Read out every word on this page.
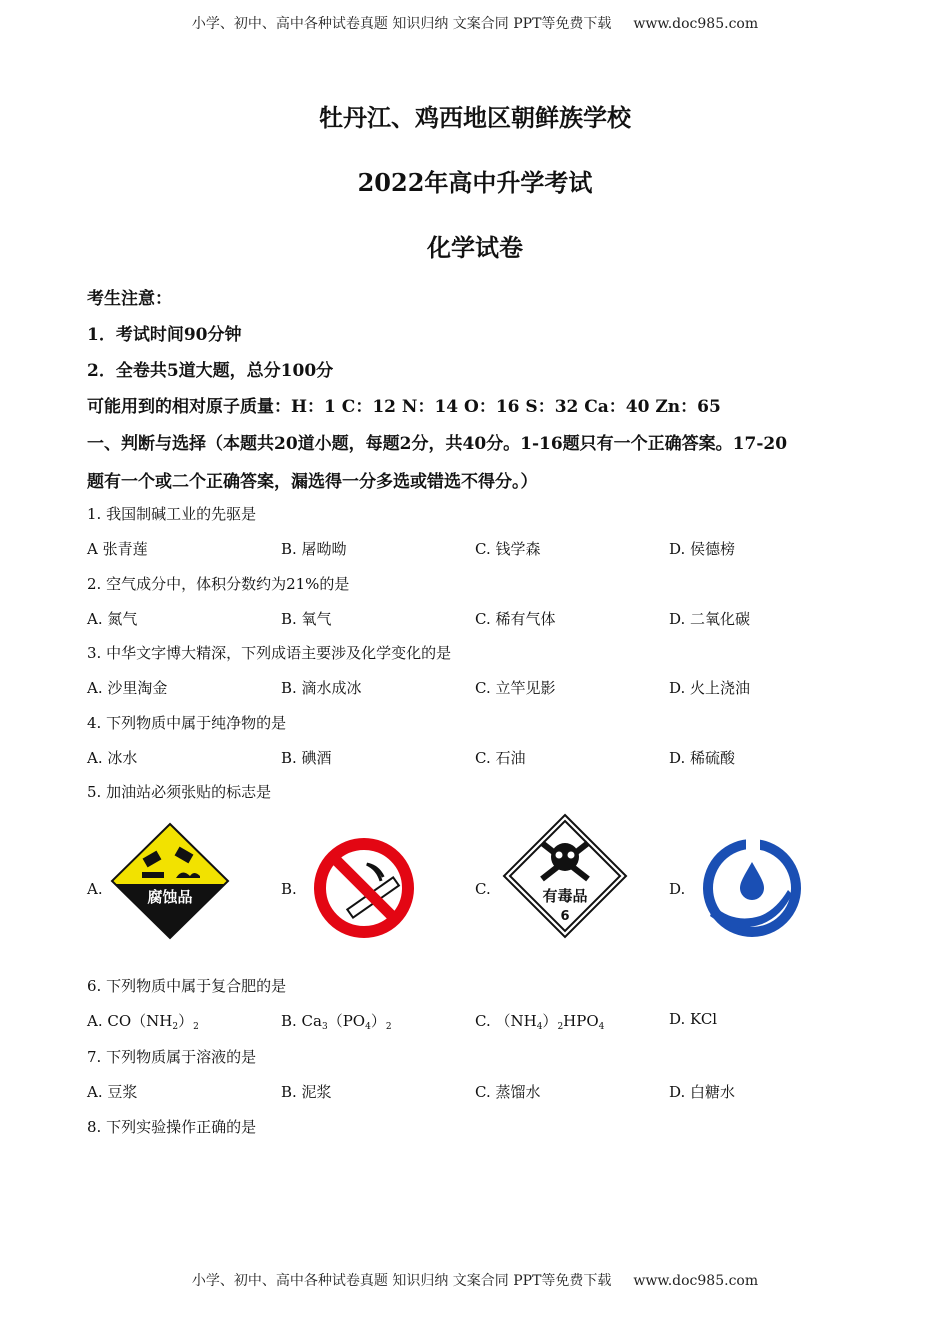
小学、初中、高中各种试卷真题 知识归纳 文案合同 PPT等免费下载 www.doc985.com
牡丹江、鸡西地区朝鲜族学校
2022年高中升学考试
化学试卷
考生注意：
1．考试时间90分钟
2．全卷共5道大题，总分100分
可能用到的相对原子质量：H：1 C：12 N：14 O：16 S：32 Ca：40 Zn：65
一、判断与选择（本题共20道小题，每题2分，共40分。1-16题只有一个正确答案。17-20
题有一个或二个正确答案，漏选得一分多选或错选不得分。）
1. 我国制碱工业的先驱是
A 张青莲	B. 屠呦呦	C. 钱学森	D. 侯德榜
2. 空气成分中，体积分数约为21%的是
A. 氮气	B. 氧气	C. 稀有气体	D. 二氧化碳
3. 中华文字博大精深，下列成语主要涉及化学变化的是
A. 沙里淘金	B. 滴水成冰	C. 立竿见影	D. 火上浇油
4. 下列物质中属于纯净物的是
A. 冰水	B. 碘酒	C. 石油	D. 稀硫酸
5. 加油站必须张贴的标志是
A.	B.	C.	D.
腐蚀品	有毒品
6
6. 下列物质中属于复合肥的是
A. $CO(NH_2)_2$	B. $Ca_3(PO_4)_2$	C. $(NH_4)_2HPO_4$	D. KCl
7. 下列物质属于溶液的是
A. 豆浆	B. 泥浆	C. 蒸馏水	D. 白糖水
8. 下列实验操作正确的是
小学、初中、高中各种试卷真题 知识归纳 文案合同 PPT等免费下载 www.doc985.com
